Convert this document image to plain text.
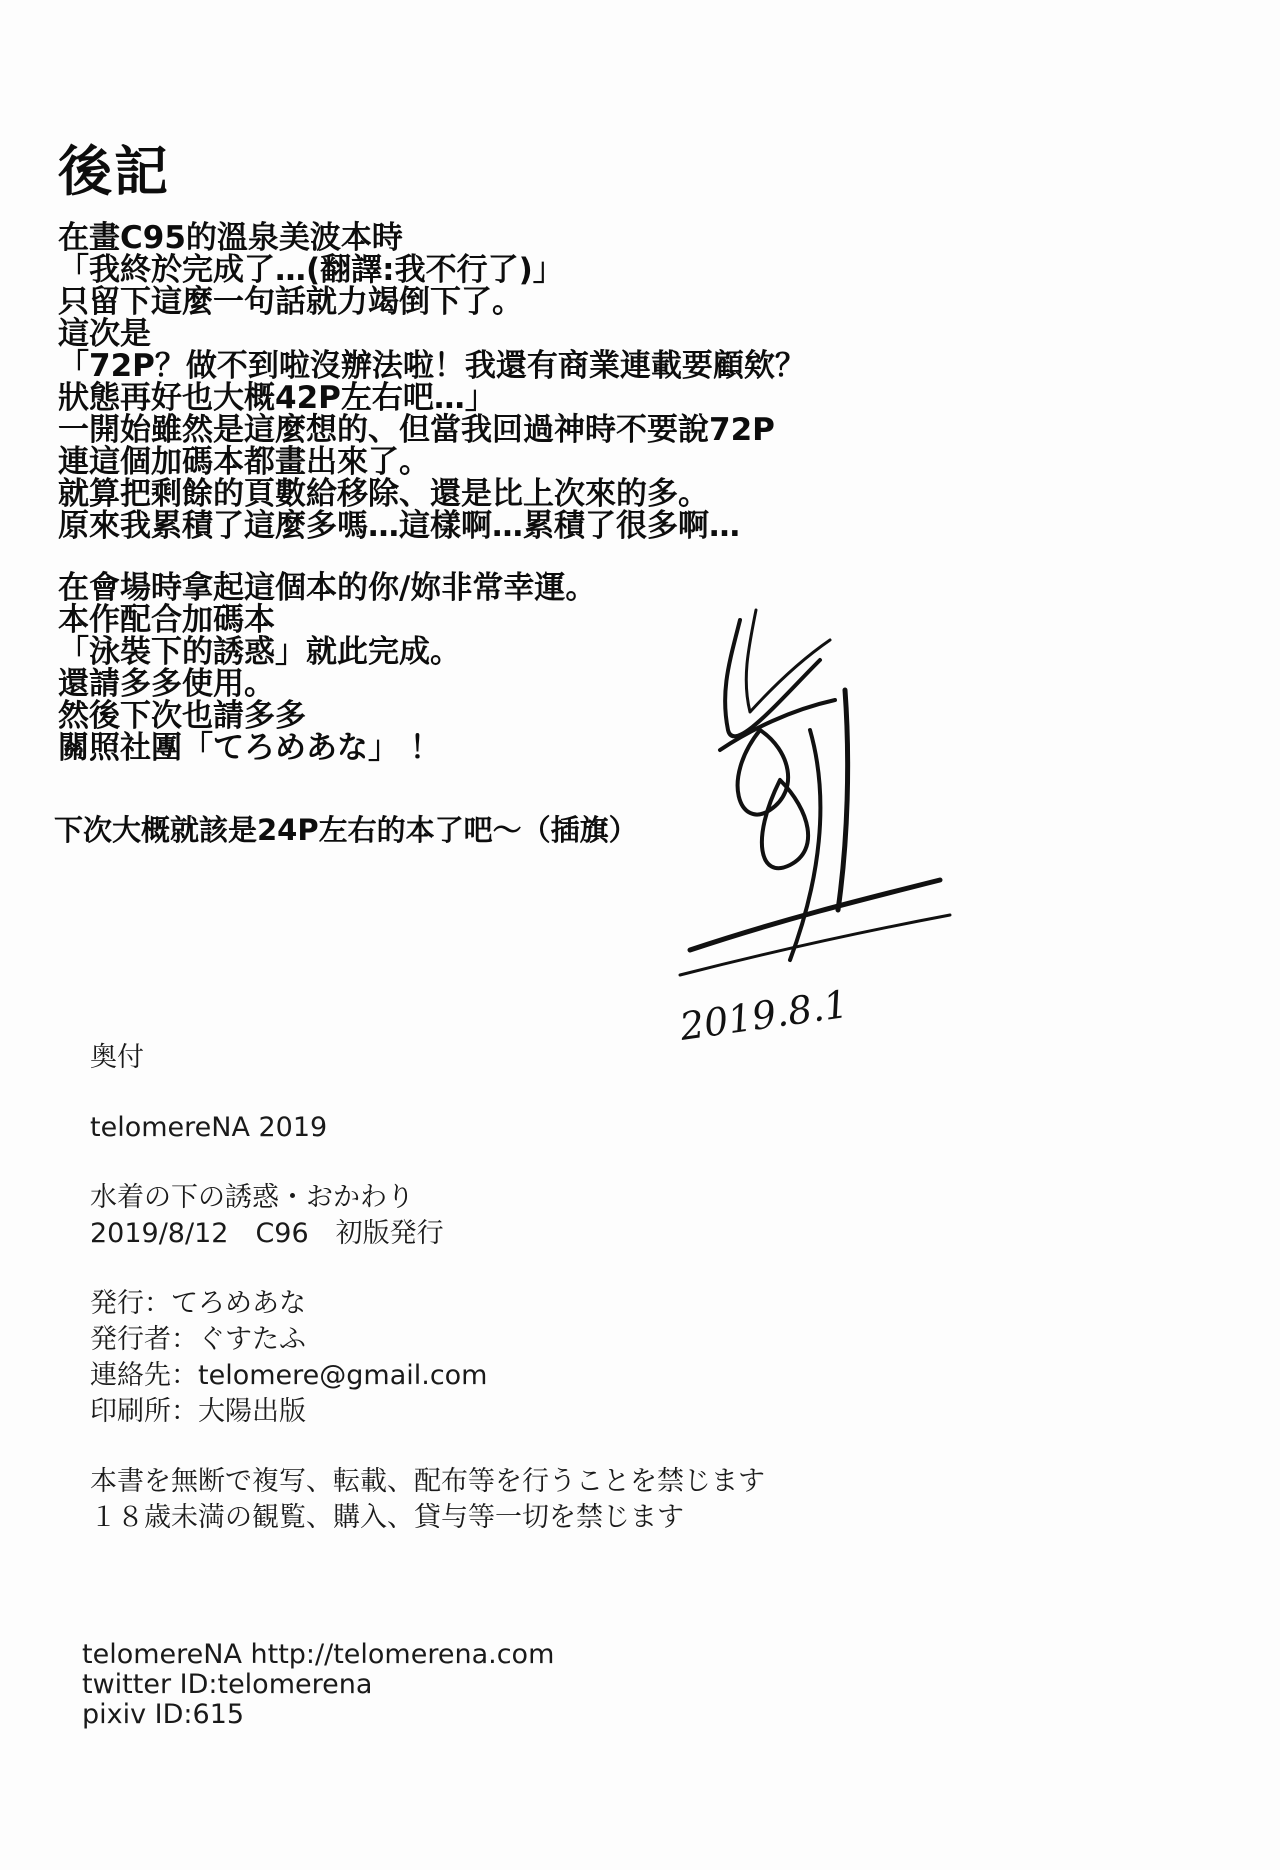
後記
在畫C95的溫泉美波本時
「我終於完成了…(翻譯:我不行了)」
只留下這麼一句話就力竭倒下了。
這次是
「72P？做不到啦沒辦法啦！我還有商業連載要顧欸？
狀態再好也大概42P左右吧…」
一開始雖然是這麼想的、但當我回過神時不要說72P
連這個加碼本都畫出來了。
就算把剩餘的頁數給移除、還是比上次來的多。
原來我累積了這麼多嗎…這樣啊…累積了很多啊…
在會場時拿起這個本的你/妳非常幸運。
本作配合加碼本
「泳裝下的誘惑」就此完成。
還請多多使用。
然後下次也請多多
關照社團「てろめあな」 ！
下次大概就該是24P左右的本了吧～（插旗）
2019.8.1
奥付
telomereNA 2019
水着の下の誘惑・おかわり
2019/8/12　C96　初版発行
発行：てろめあな
発行者：ぐすたふ
連絡先：telomere@gmail.com
印刷所：大陽出版
本書を無断で複写、転載、配布等を行うことを禁じます
１８歳未満の観覧、購入、貸与等一切を禁じます
telomereNA http://telomerena.com
twitter ID:telomerena
pixiv ID:615
